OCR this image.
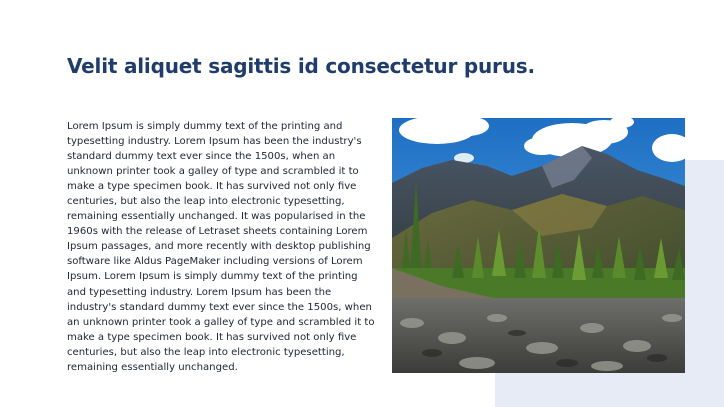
Velit aliquet sagittis id consectetur purus.

Lorem Ipsum is simply dummy text of the printing and typesetting industry. Lorem Ipsum has been the industry's standard dummy text ever since the 1500s, when an unknown printer took a galley of type and scrambled it to make a type specimen book. It has survived not only five centuries, but also the leap into electronic typesetting, remaining essentially unchanged. It was popularised in the 1960s with the release of Letraset sheets containing Lorem Ipsum passages, and more recently with desktop publishing software like Aldus PageMaker including versions of Lorem Ipsum. Lorem Ipsum is simply dummy text of the printing and typesetting industry. Lorem Ipsum has been the industry's standard dummy text ever since the 1500s, when an unknown printer took a galley of type and scrambled it to make a type specimen book. It has survived not only five centuries, but also the leap into electronic typesetting, remaining essentially unchanged.
